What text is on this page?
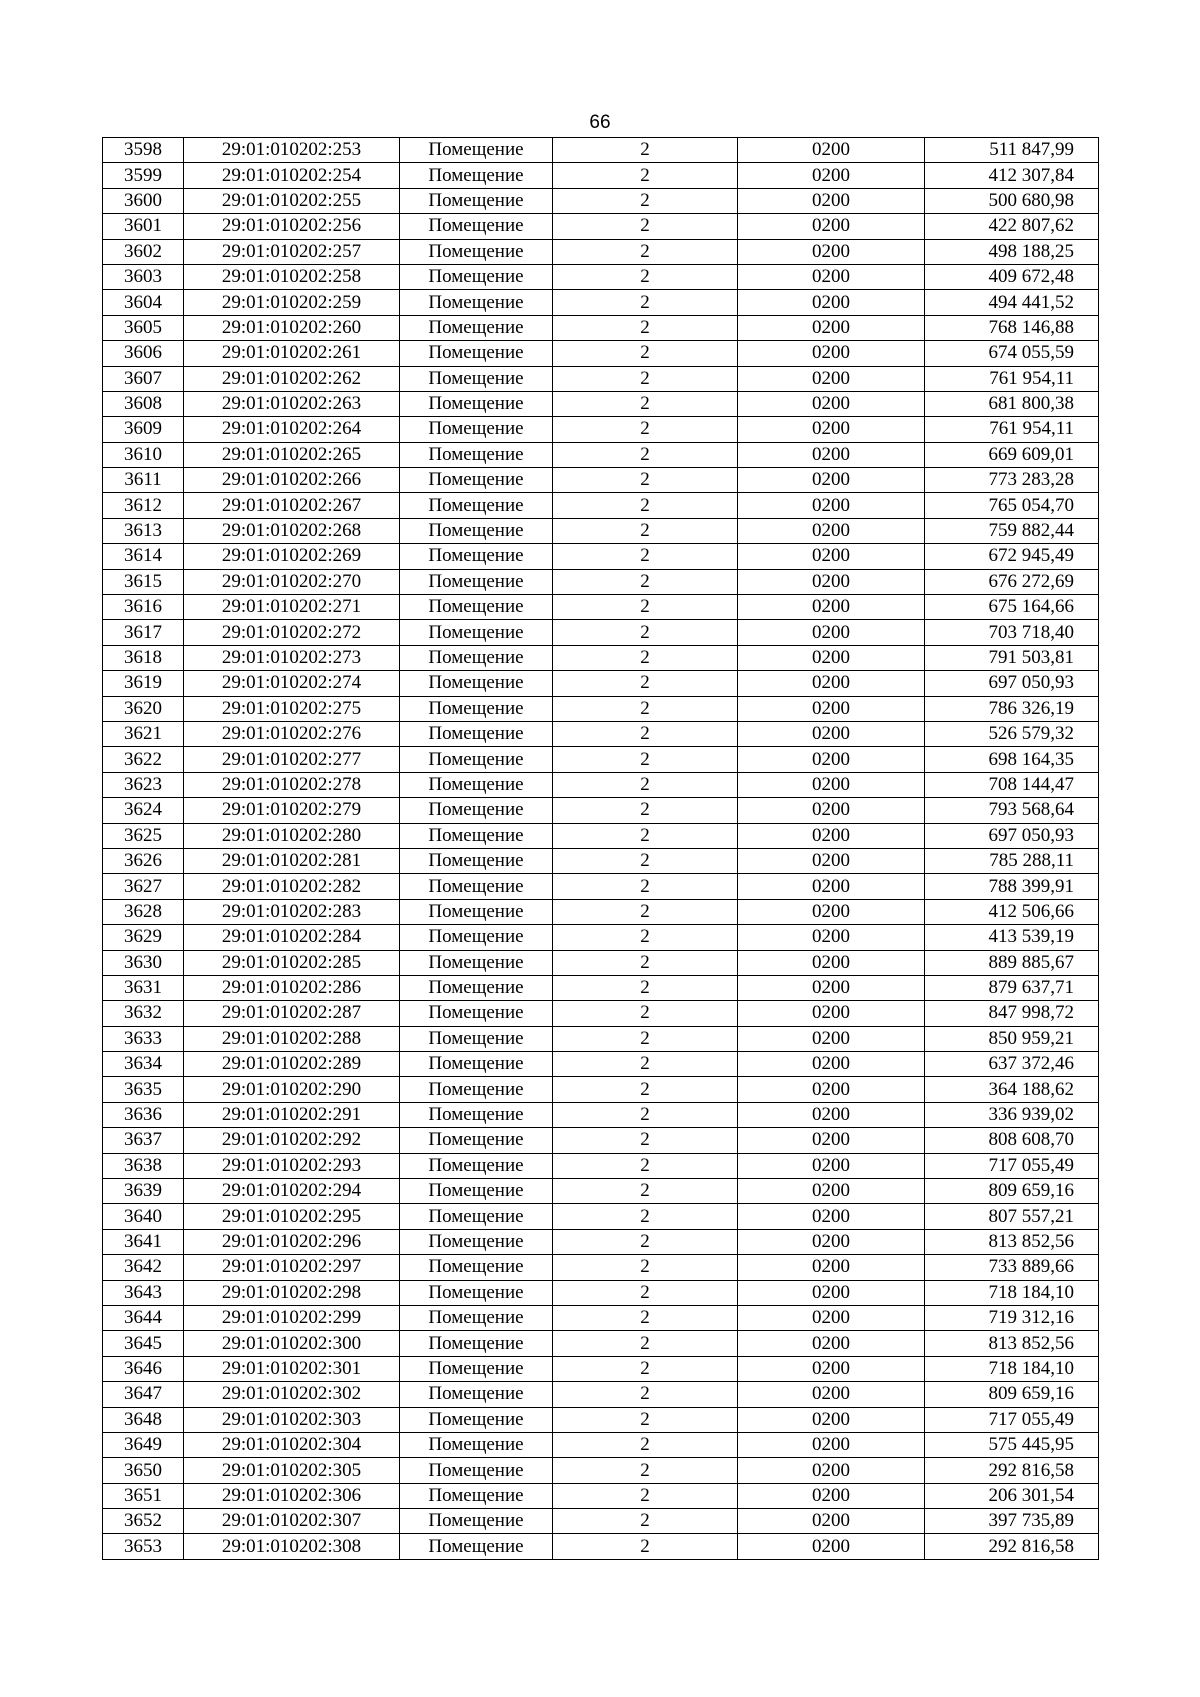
66
3598	29:01:010202:253	Помещение	2	0200	511 847,99
3599	29:01:010202:254	Помещение	2	0200	412 307,84
3600	29:01:010202:255	Помещение	2	0200	500 680,98
3601	29:01:010202:256	Помещение	2	0200	422 807,62
3602	29:01:010202:257	Помещение	2	0200	498 188,25
3603	29:01:010202:258	Помещение	2	0200	409 672,48
3604	29:01:010202:259	Помещение	2	0200	494 441,52
3605	29:01:010202:260	Помещение	2	0200	768 146,88
3606	29:01:010202:261	Помещение	2	0200	674 055,59
3607	29:01:010202:262	Помещение	2	0200	761 954,11
3608	29:01:010202:263	Помещение	2	0200	681 800,38
3609	29:01:010202:264	Помещение	2	0200	761 954,11
3610	29:01:010202:265	Помещение	2	0200	669 609,01
3611	29:01:010202:266	Помещение	2	0200	773 283,28
3612	29:01:010202:267	Помещение	2	0200	765 054,70
3613	29:01:010202:268	Помещение	2	0200	759 882,44
3614	29:01:010202:269	Помещение	2	0200	672 945,49
3615	29:01:010202:270	Помещение	2	0200	676 272,69
3616	29:01:010202:271	Помещение	2	0200	675 164,66
3617	29:01:010202:272	Помещение	2	0200	703 718,40
3618	29:01:010202:273	Помещение	2	0200	791 503,81
3619	29:01:010202:274	Помещение	2	0200	697 050,93
3620	29:01:010202:275	Помещение	2	0200	786 326,19
3621	29:01:010202:276	Помещение	2	0200	526 579,32
3622	29:01:010202:277	Помещение	2	0200	698 164,35
3623	29:01:010202:278	Помещение	2	0200	708 144,47
3624	29:01:010202:279	Помещение	2	0200	793 568,64
3625	29:01:010202:280	Помещение	2	0200	697 050,93
3626	29:01:010202:281	Помещение	2	0200	785 288,11
3627	29:01:010202:282	Помещение	2	0200	788 399,91
3628	29:01:010202:283	Помещение	2	0200	412 506,66
3629	29:01:010202:284	Помещение	2	0200	413 539,19
3630	29:01:010202:285	Помещение	2	0200	889 885,67
3631	29:01:010202:286	Помещение	2	0200	879 637,71
3632	29:01:010202:287	Помещение	2	0200	847 998,72
3633	29:01:010202:288	Помещение	2	0200	850 959,21
3634	29:01:010202:289	Помещение	2	0200	637 372,46
3635	29:01:010202:290	Помещение	2	0200	364 188,62
3636	29:01:010202:291	Помещение	2	0200	336 939,02
3637	29:01:010202:292	Помещение	2	0200	808 608,70
3638	29:01:010202:293	Помещение	2	0200	717 055,49
3639	29:01:010202:294	Помещение	2	0200	809 659,16
3640	29:01:010202:295	Помещение	2	0200	807 557,21
3641	29:01:010202:296	Помещение	2	0200	813 852,56
3642	29:01:010202:297	Помещение	2	0200	733 889,66
3643	29:01:010202:298	Помещение	2	0200	718 184,10
3644	29:01:010202:299	Помещение	2	0200	719 312,16
3645	29:01:010202:300	Помещение	2	0200	813 852,56
3646	29:01:010202:301	Помещение	2	0200	718 184,10
3647	29:01:010202:302	Помещение	2	0200	809 659,16
3648	29:01:010202:303	Помещение	2	0200	717 055,49
3649	29:01:010202:304	Помещение	2	0200	575 445,95
3650	29:01:010202:305	Помещение	2	0200	292 816,58
3651	29:01:010202:306	Помещение	2	0200	206 301,54
3652	29:01:010202:307	Помещение	2	0200	397 735,89
3653	29:01:010202:308	Помещение	2	0200	292 816,58
